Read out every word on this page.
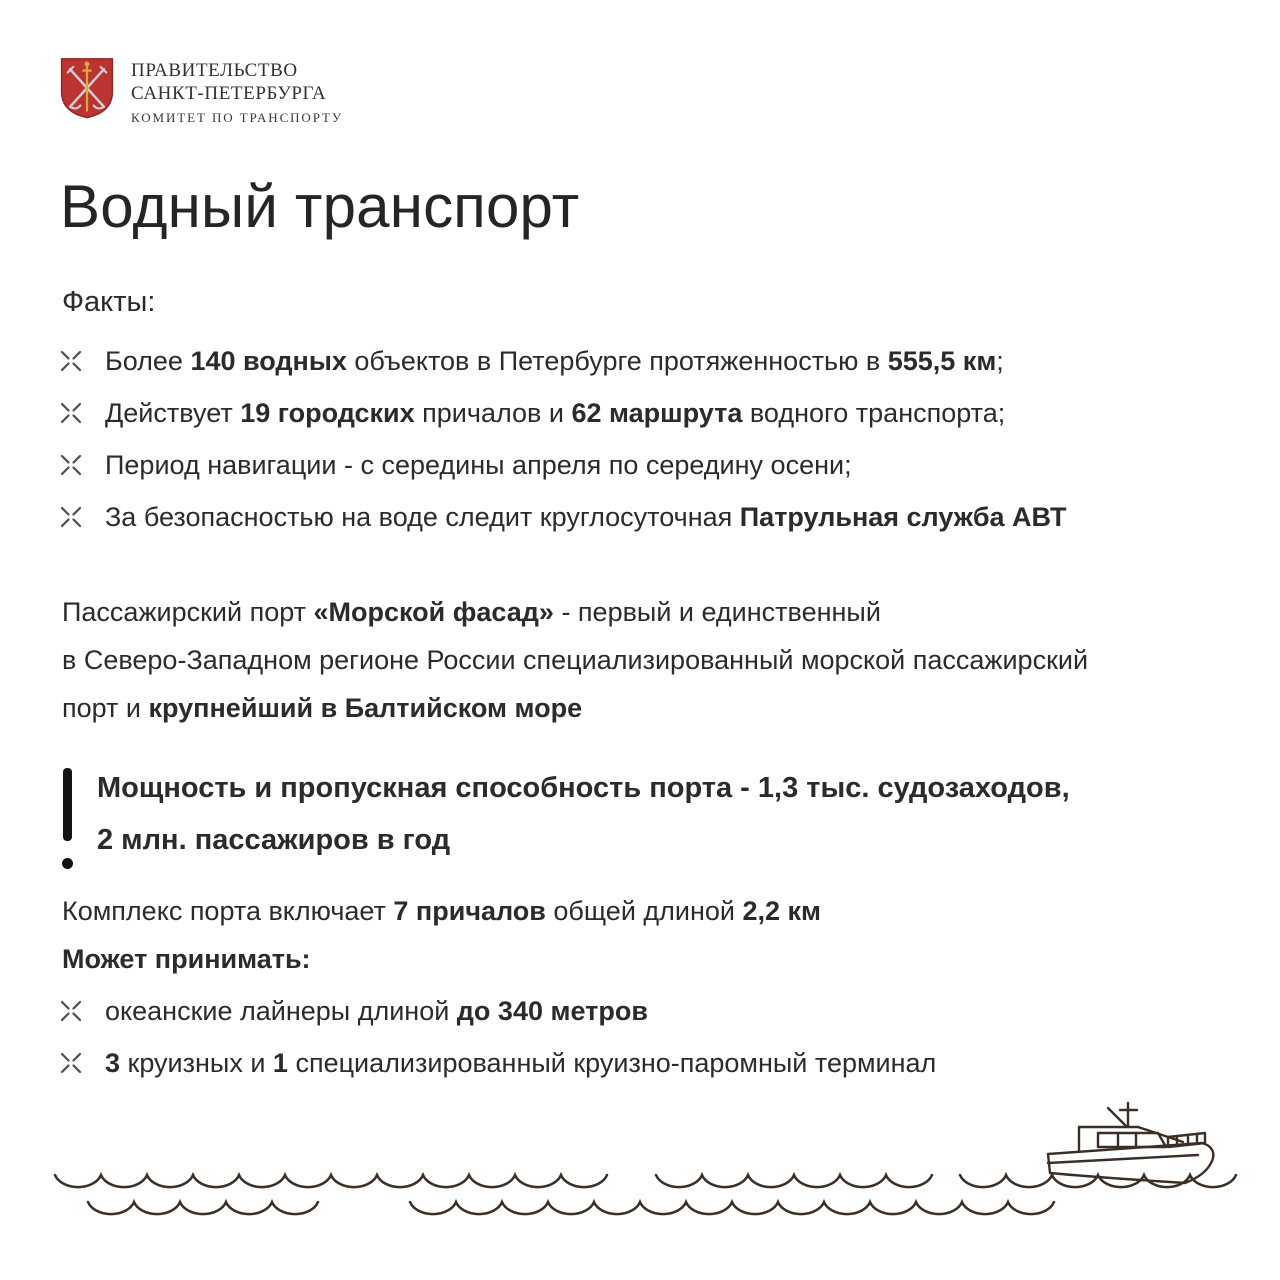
ПРАВИТЕЛЬСТВО
САНКТ-ПЕТЕРБУРГА
КОМИТЕТ ПО ТРАНСПОРТУ
Водный транспорт
Факты:

Более 140 водных объектов в Петербурге протяженностью в 555,5 км;

Действует 19 городских причалов и 62 маршрута водного транспорта;

Период навигации - с середины апреля по середину осени;

За безопасностью на воде следит круглосуточная Патрульная служба АВТ

Пассажирский порт «Морской фасад» - первый и единственный
в Северо-Западном регионе России специализированный морской пассажирский
порт и крупнейший в Балтийском море
Мощность и пропускная способность порта - 1,3 тыс. судозаходов,
2 млн. пассажиров в год

Комплекс порта включает 7 причалов общей длиной 2,2 км

Может принимать:

океанские лайнеры длиной до 340 метров

3 круизных и 1 специализированный круизно-паромный терминал
